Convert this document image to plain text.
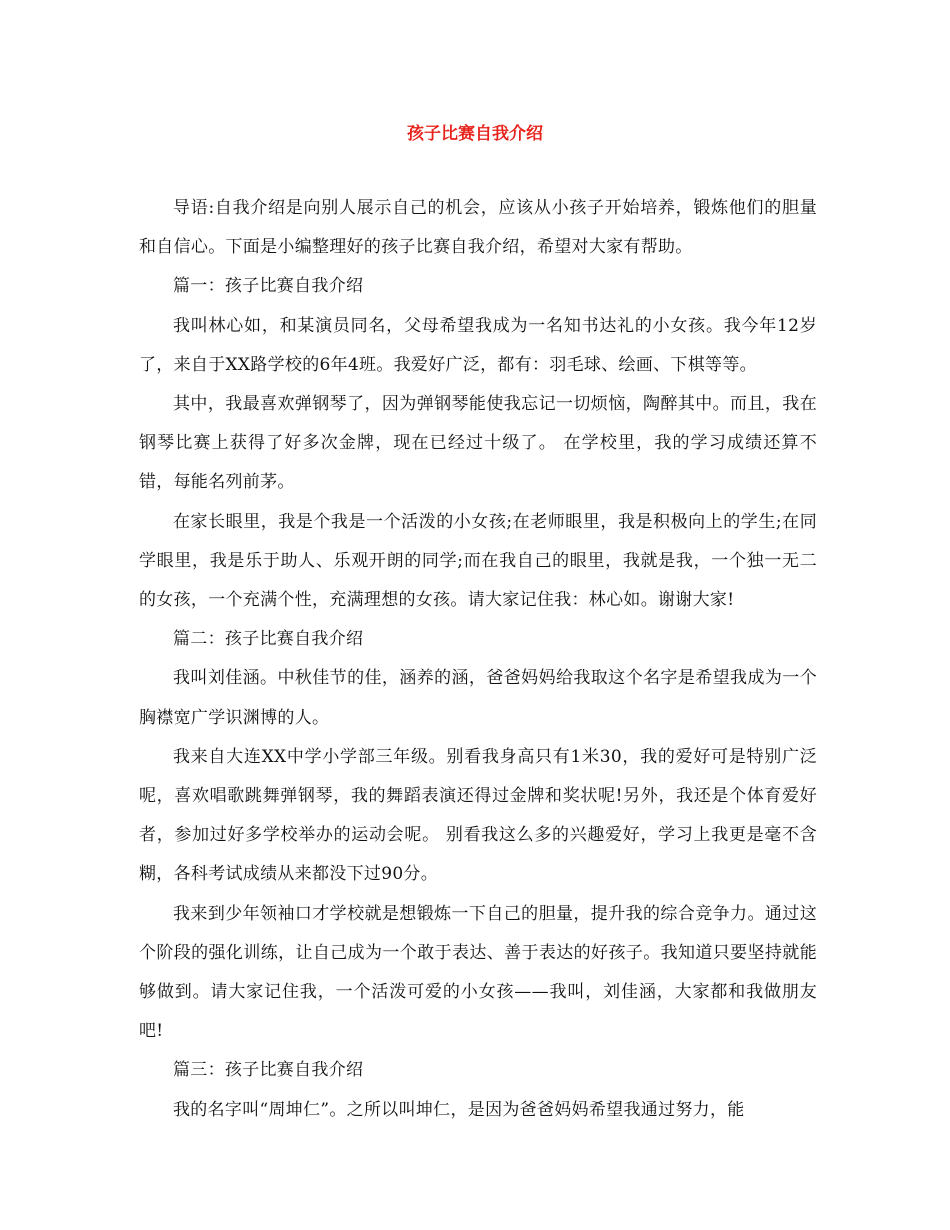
孩子比赛自我介绍

导语:自我介绍是向别人展示自己的机会，应该从小孩子开始培养，锻炼他们的胆量和自信心。下面是小编整理好的孩子比赛自我介绍，希望对大家有帮助。

篇一：孩子比赛自我介绍

我叫林心如，和某演员同名，父母希望我成为一名知书达礼的小女孩。我今年12岁了，来自于XX路学校的6年4班。我爱好广泛，都有：羽毛球、绘画、下棋等等。

其中，我最喜欢弹钢琴了，因为弹钢琴能使我忘记一切烦恼，陶醉其中。而且，我在钢琴比赛上获得了好多次金牌，现在已经过十级了。 在学校里，我的学习成绩还算不错，每能名列前茅。

在家长眼里，我是个我是一个活泼的小女孩;在老师眼里，我是积极向上的学生;在同学眼里，我是乐于助人、乐观开朗的同学;而在我自己的眼里，我就是我，一个独一无二的女孩，一个充满个性，充满理想的女孩。请大家记住我：林心如。谢谢大家!

篇二：孩子比赛自我介绍

我叫刘佳涵。中秋佳节的佳，涵养的涵，爸爸妈妈给我取这个名字是希望我成为一个胸襟宽广学识渊博的人。

我来自大连XX中学小学部三年级。别看我身高只有1米30，我的爱好可是特别广泛呢，喜欢唱歌跳舞弹钢琴，我的舞蹈表演还得过金牌和奖状呢!另外，我还是个体育爱好者，参加过好多学校举办的运动会呢。 别看我这么多的兴趣爱好，学习上我更是毫不含糊，各科考试成绩从来都没下过90分。

我来到少年领袖口才学校就是想锻炼一下自己的胆量，提升我的综合竞争力。通过这个阶段的强化训练，让自己成为一个敢于表达、善于表达的好孩子。我知道只要坚持就能够做到。请大家记住我，一个活泼可爱的小女孩——我叫，刘佳涵，大家都和我做朋友吧!

篇三：孩子比赛自我介绍

我的名字叫“周坤仁”。之所以叫坤仁，是因为爸爸妈妈希望我通过努力，能
